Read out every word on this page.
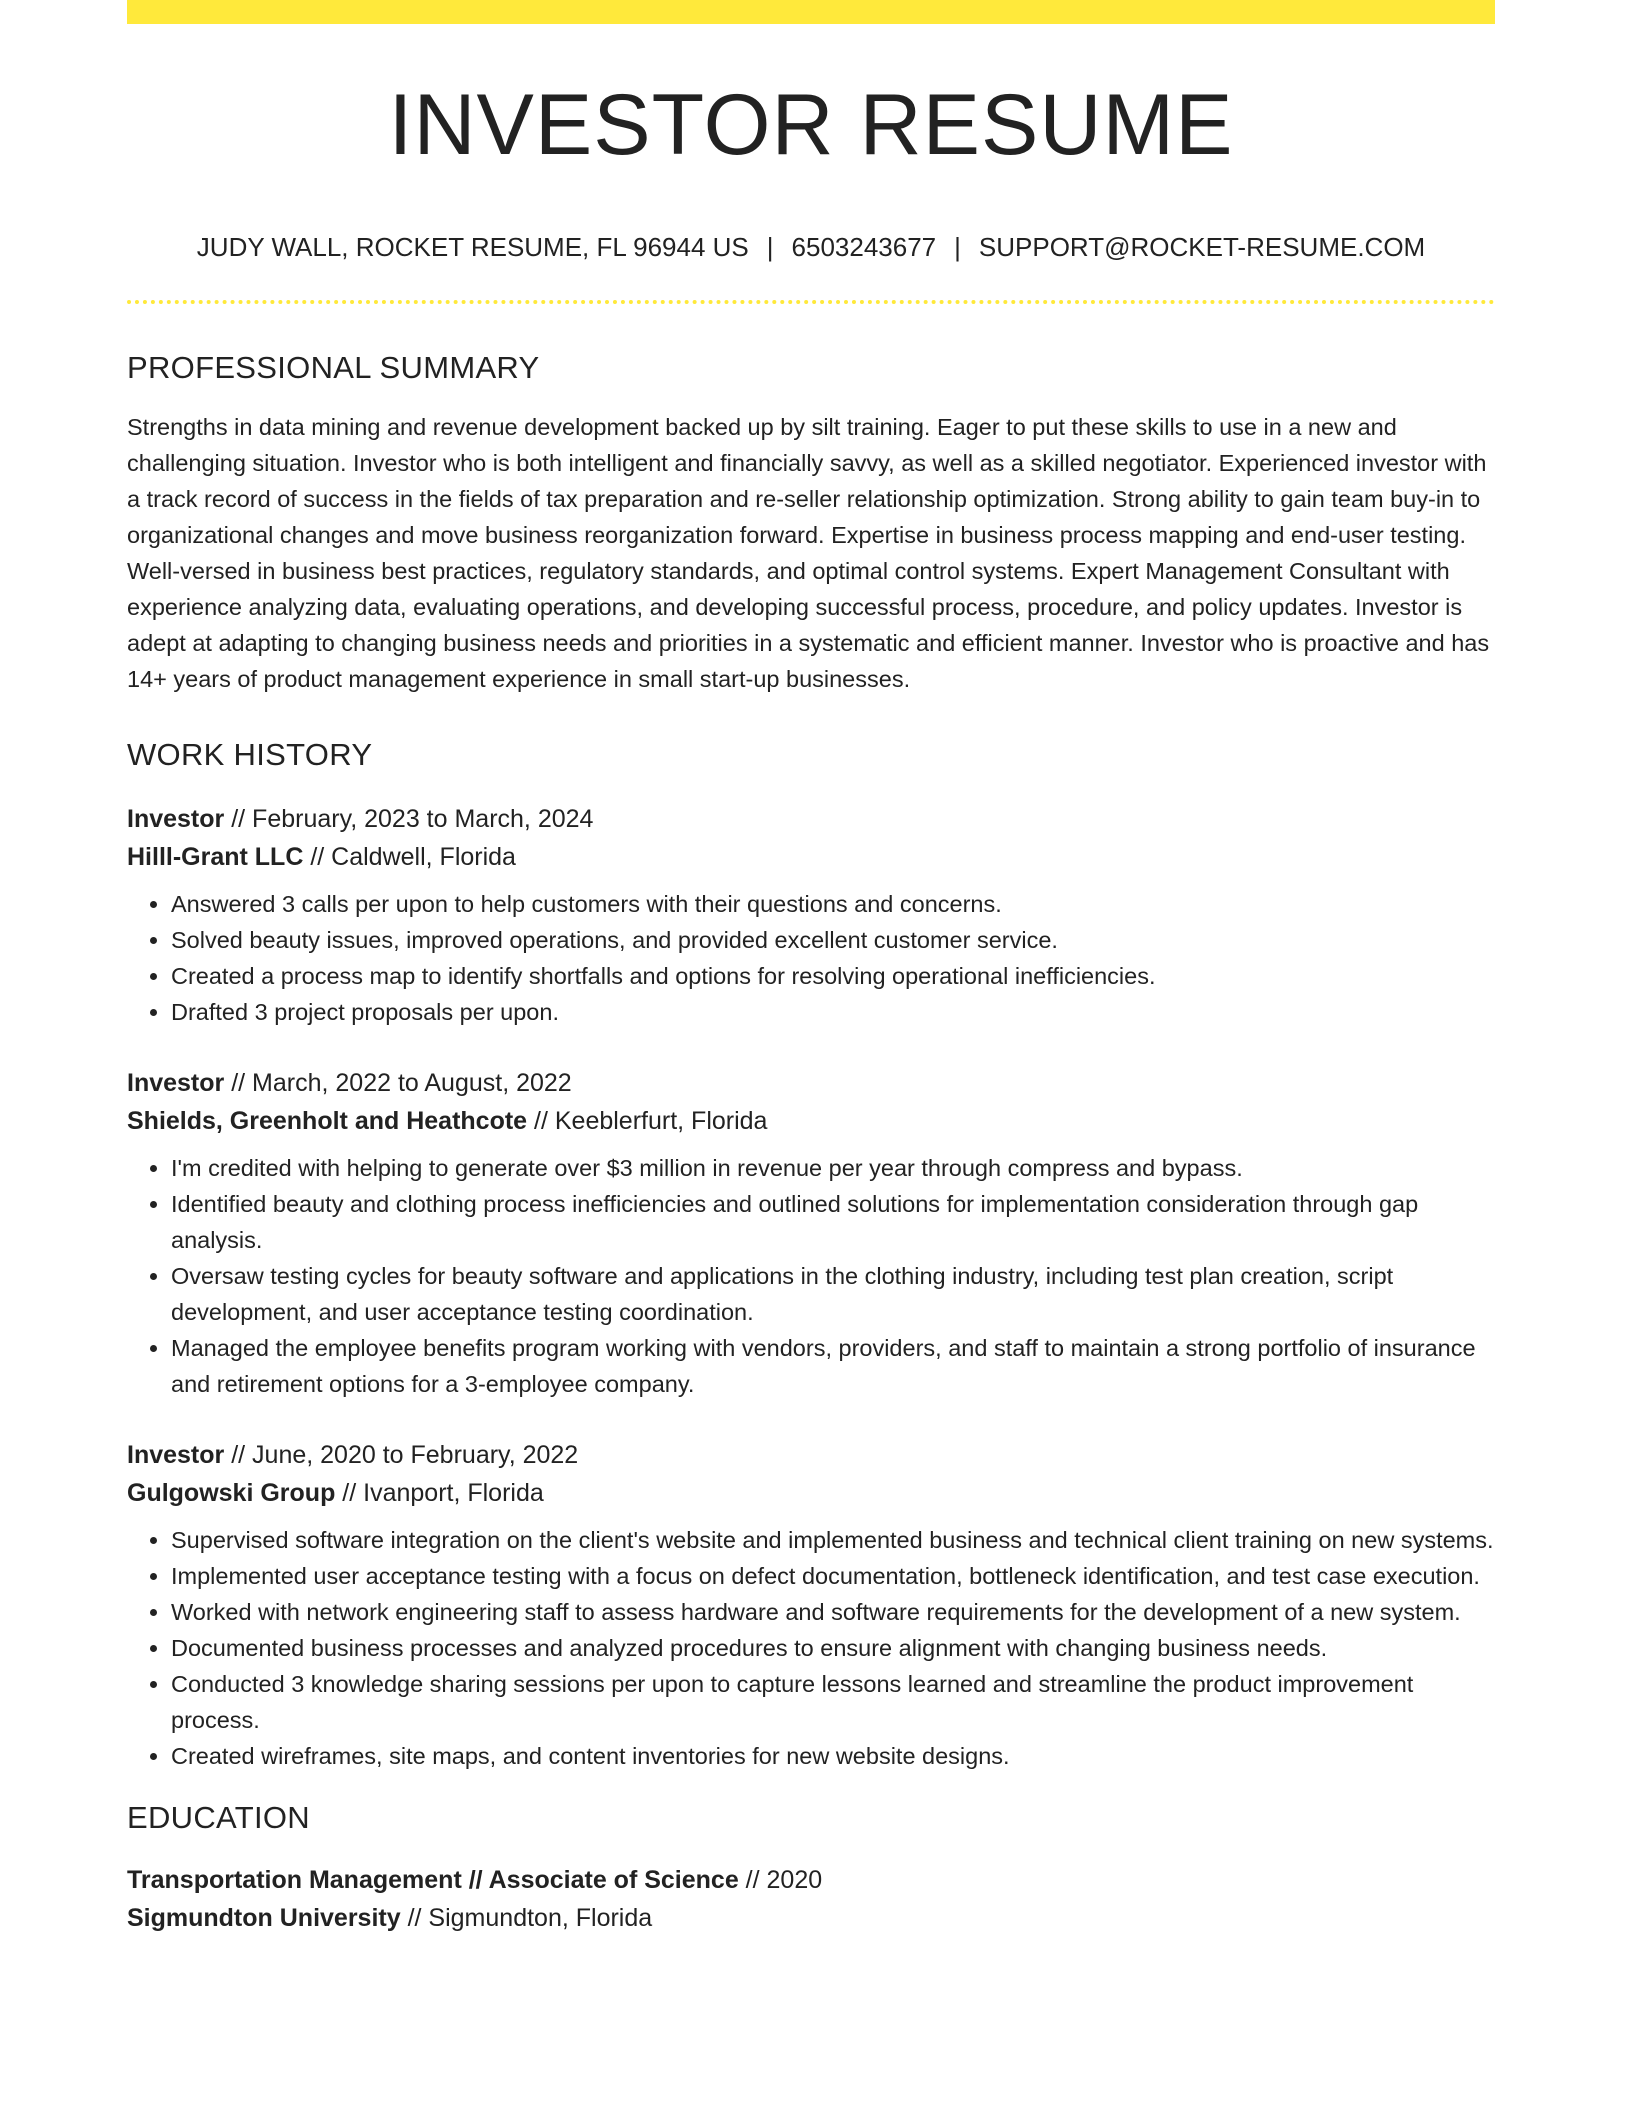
INVESTOR RESUME
JUDY WALL, ROCKET RESUME, FL 96944 US | 6503243677 | SUPPORT@ROCKET-RESUME.COM
PROFESSIONAL SUMMARY

Strengths in data mining and revenue development backed up by silt training. Eager to put these skills to use in a new and challenging situation. Investor who is both intelligent and financially savvy, as well as a skilled negotiator. Experienced investor with a track record of success in the fields of tax preparation and re-seller relationship optimization. Strong ability to gain team buy-in to organizational changes and move business reorganization forward. Expertise in business process mapping and end-user testing. Well-versed in business best practices, regulatory standards, and optimal control systems. Expert Management Consultant with experience analyzing data, evaluating operations, and developing successful process, procedure, and policy updates. Investor is adept at adapting to changing business needs and priorities in a systematic and efficient manner. Investor who is proactive and has 14+ years of product management experience in small start-up businesses.

WORK HISTORY

Investor // February, 2023 to March, 2024

Hilll-Grant LLC // Caldwell, Florida

• Answered 3 calls per upon to help customers with their questions and concerns.
• Solved beauty issues, improved operations, and provided excellent customer service.
• Created a process map to identify shortfalls and options for resolving operational inefficiencies.
• Drafted 3 project proposals per upon.

Investor // March, 2022 to August, 2022

Shields, Greenholt and Heathcote // Keeblerfurt, Florida

• I'm credited with helping to generate over $3 million in revenue per year through compress and bypass.
• Identified beauty and clothing process inefficiencies and outlined solutions for implementation consideration through gap analysis.
• Oversaw testing cycles for beauty software and applications in the clothing industry, including test plan creation, script development, and user acceptance testing coordination.
• Managed the employee benefits program working with vendors, providers, and staff to maintain a strong portfolio of insurance and retirement options for a 3-employee company.

Investor // June, 2020 to February, 2022

Gulgowski Group // Ivanport, Florida

• Supervised software integration on the client's website and implemented business and technical client training on new systems.
• Implemented user acceptance testing with a focus on defect documentation, bottleneck identification, and test case execution.
• Worked with network engineering staff to assess hardware and software requirements for the development of a new system.
• Documented business processes and analyzed procedures to ensure alignment with changing business needs.
• Conducted 3 knowledge sharing sessions per upon to capture lessons learned and streamline the product improvement process.
• Created wireframes, site maps, and content inventories for new website designs.
EDUCATION

Transportation Management // Associate of Science // 2020

Sigmundton University // Sigmundton, Florida
